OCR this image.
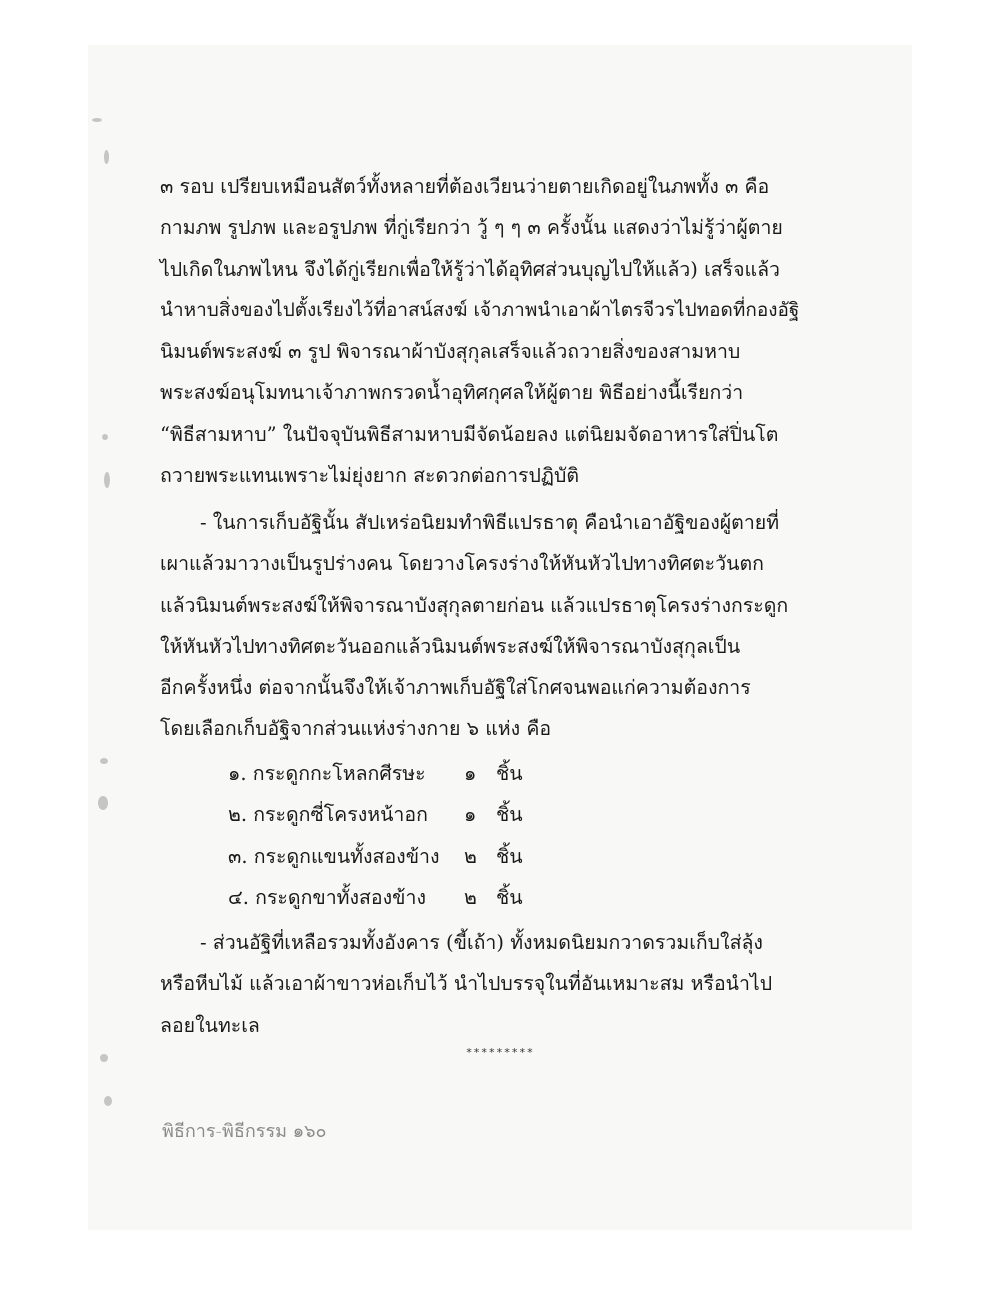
๓ รอบ เปรียบเหมือนสัตว์ทั้งหลายที่ต้องเวียนว่ายตายเกิดอยู่ในภพทั้ง ๓ คือ
กามภพ รูปภพ และอรูปภพ ที่กู่เรียกว่า วู้ ๆ ๆ ๓ ครั้งนั้น แสดงว่าไม่รู้ว่าผู้ตาย
ไปเกิดในภพไหน จึงได้กู่เรียกเพื่อให้รู้ว่าได้อุทิศส่วนบุญไปให้แล้ว) เสร็จแล้ว
นำหาบสิ่งของไปตั้งเรียงไว้ที่อาสน์สงฆ์ เจ้าภาพนำเอาผ้าไตรจีวรไปทอดที่กองอัฐิ
นิมนต์พระสงฆ์ ๓ รูป พิจารณาผ้าบังสุกุลเสร็จแล้วถวายสิ่งของสามหาบ
พระสงฆ์อนุโมทนาเจ้าภาพกรวดน้ำอุทิศกุศลให้ผู้ตาย พิธีอย่างนี้เรียกว่า
“พิธีสามหาบ” ในปัจจุบันพิธีสามหาบมีจัดน้อยลง แต่นิยมจัดอาหารใส่ปิ่นโต
ถวายพระแทนเพราะไม่ยุ่งยาก สะดวกต่อการปฏิบัติ
- ในการเก็บอัฐินั้น สัปเหร่อนิยมทำพิธีแปรธาตุ คือนำเอาอัฐิของผู้ตายที่
เผาแล้วมาวางเป็นรูปร่างคน โดยวางโครงร่างให้หันหัวไปทางทิศตะวันตก
แล้วนิมนต์พระสงฆ์ให้พิจารณาบังสุกุลตายก่อน แล้วแปรธาตุโครงร่างกระดูก
ให้หันหัวไปทางทิศตะวันออกแล้วนิมนต์พระสงฆ์ให้พิจารณาบังสุกุลเป็น
อีกครั้งหนึ่ง ต่อจากนั้นจึงให้เจ้าภาพเก็บอัฐิใส่โกศจนพอแก่ความต้องการ
โดยเลือกเก็บอัฐิจากส่วนแห่งร่างกาย ๖ แห่ง คือ
๑. กระดูกกะโหลกศีรษะ ๑ ชิ้น
๒. กระดูกซี่โครงหน้าอก ๑ ชิ้น
๓. กระดูกแขนทั้งสองข้าง ๒ ชิ้น
๔. กระดูกขาทั้งสองข้าง ๒ ชิ้น
- ส่วนอัฐิที่เหลือรวมทั้งอังคาร (ขี้เถ้า) ทั้งหมดนิยมกวาดรวมเก็บใส่ลุ้ง
หรือหีบไม้ แล้วเอาผ้าขาวห่อเก็บไว้ นำไปบรรจุในที่อันเหมาะสม หรือนำไป
ลอยในทะเล
*********
พิธีการ-พิธีกรรม ๑๖๐
